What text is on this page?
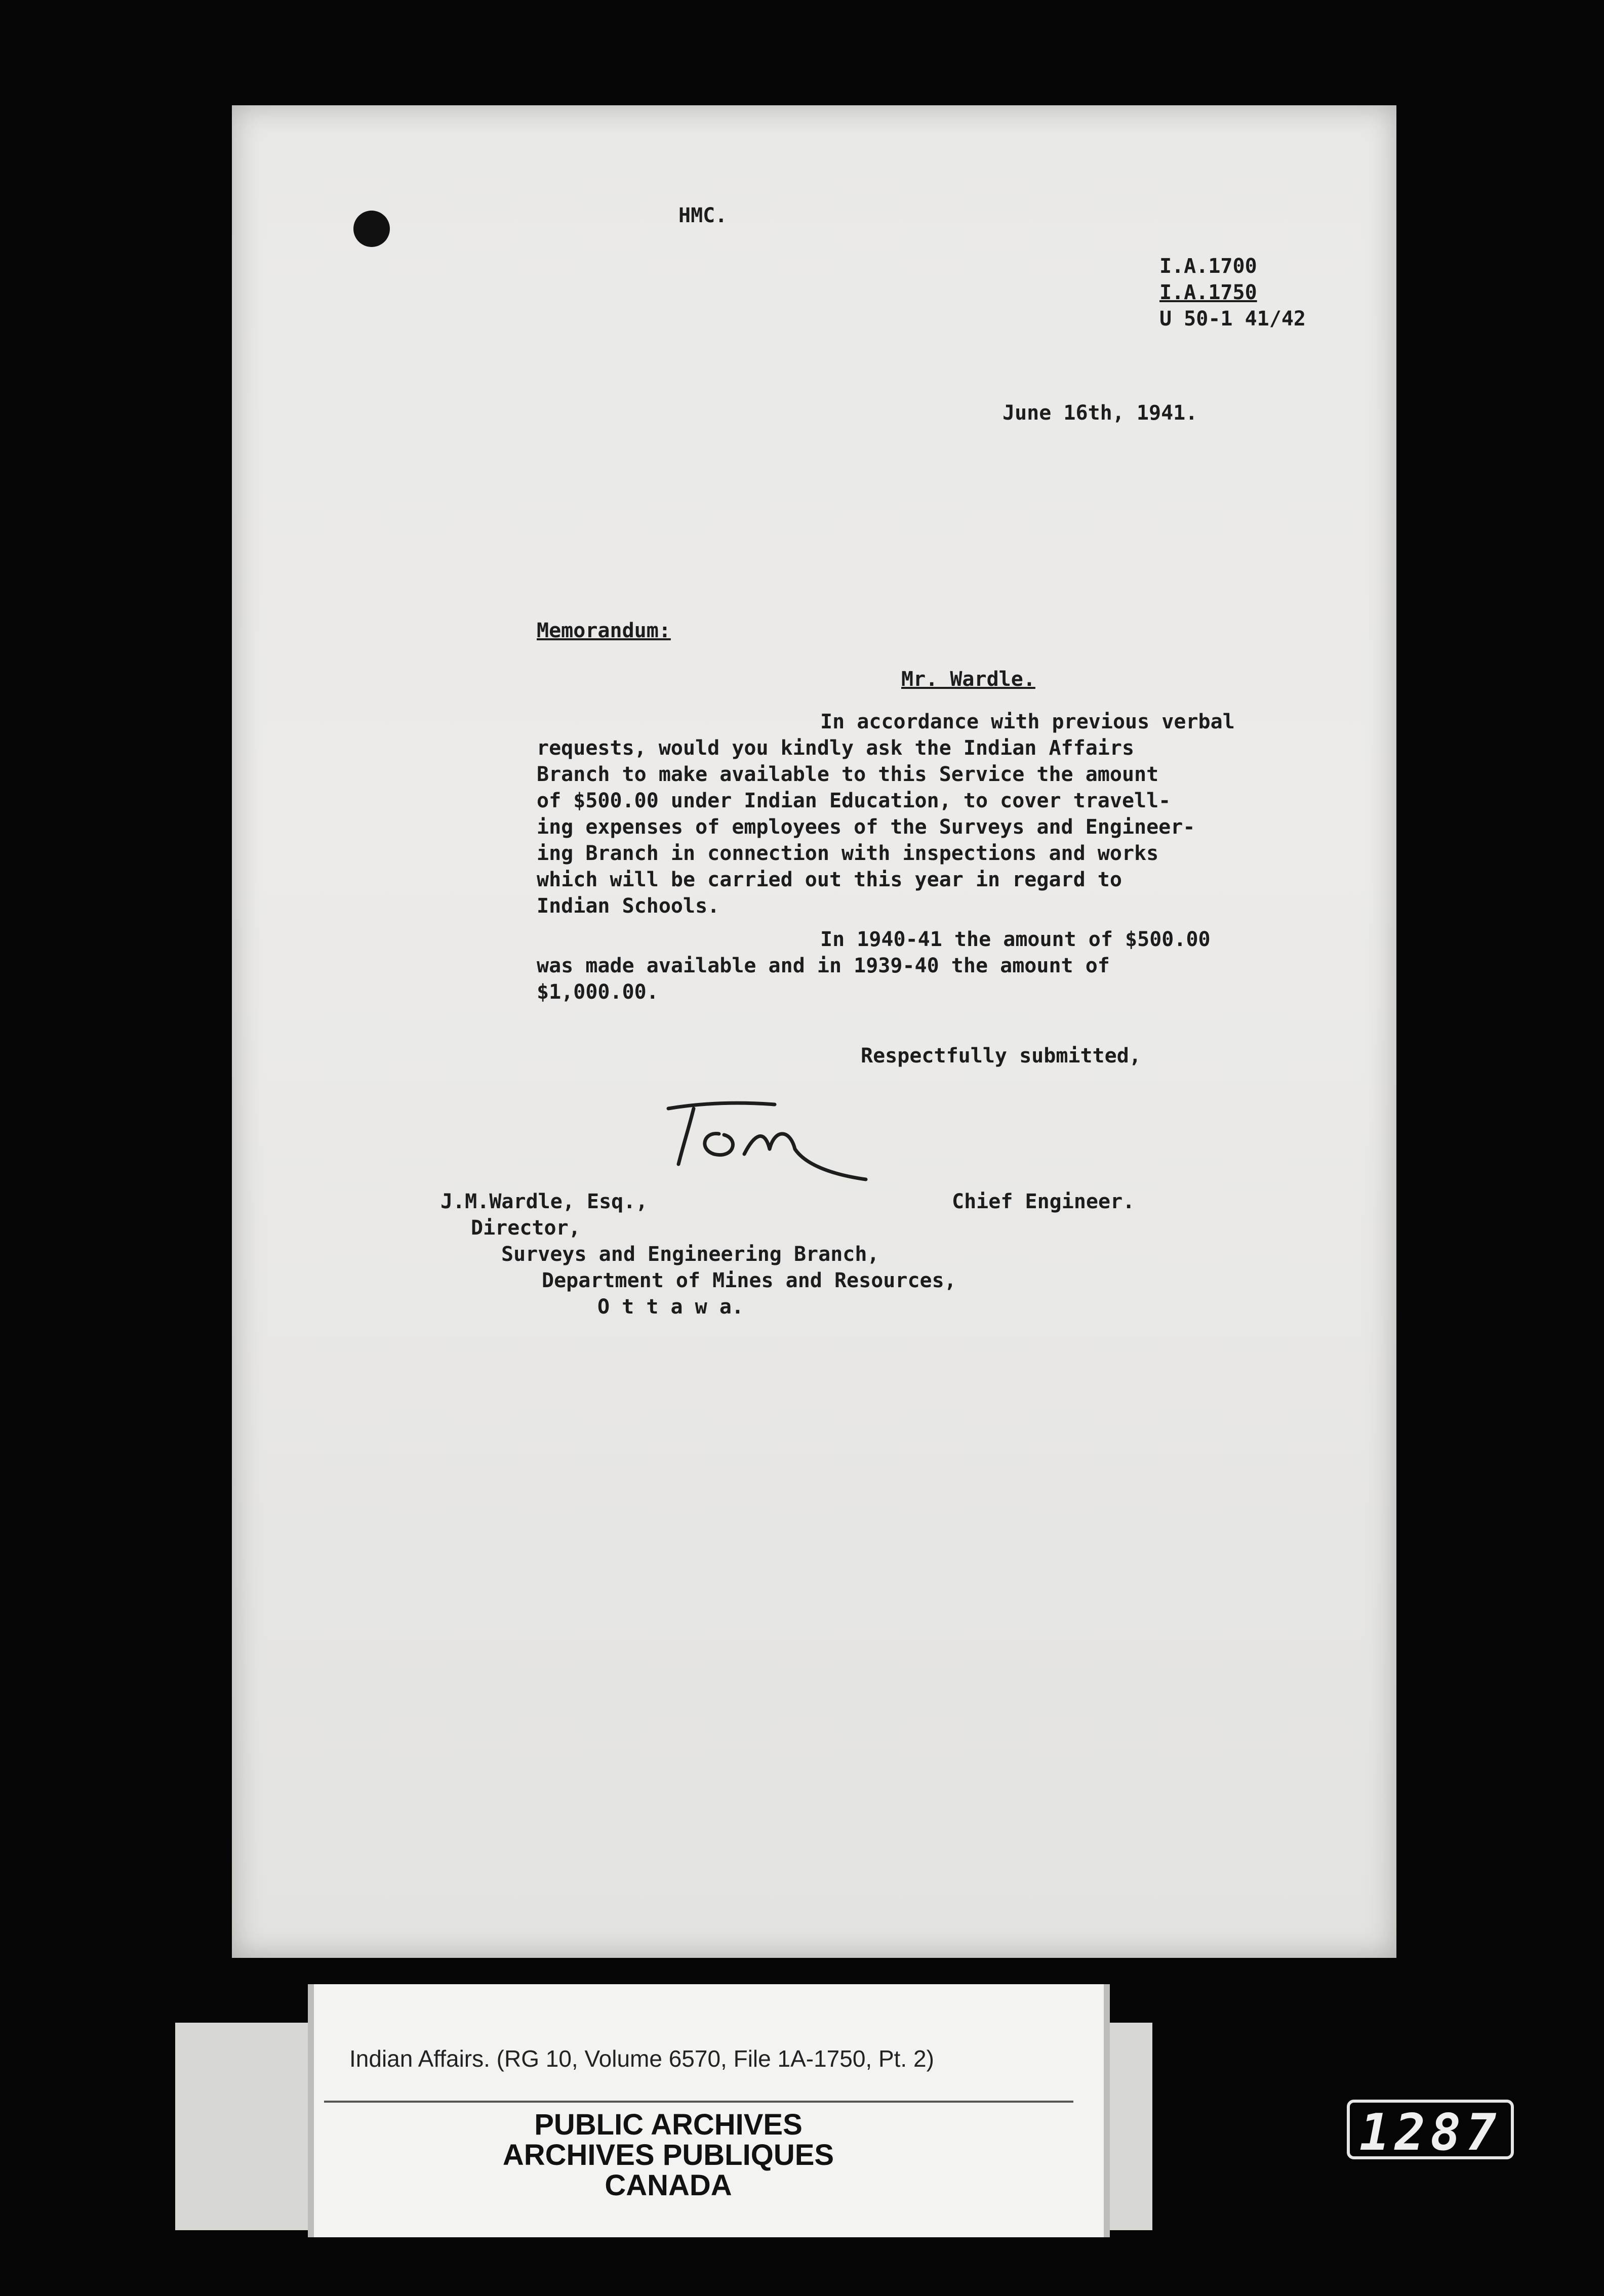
HMC.
I.A.1700
I.A.1750
U 50-1 41/42
June 16th, 1941.
Memorandum:
Mr. Wardle.
In accordance with previous verbal
requests, would you kindly ask the Indian Affairs
Branch to make available to this Service the amount
of $500.00 under Indian Education, to cover travell-
ing expenses of employees of the Surveys and Engineer-
ing Branch in connection with inspections and works
which will be carried out this year in regard to
Indian Schools.
In 1940-41 the amount of $500.00
was made available and in 1939-40 the amount of
$1,000.00.
Respectfully submitted,
Chief Engineer.
J.M.Wardle, Esq.,
Director,
Surveys and Engineering Branch,
Department of Mines and Resources,
O t t a w a.
Indian Affairs. (RG 10, Volume 6570, File 1A-1750, Pt. 2)
PUBLIC ARCHIVES
ARCHIVES PUBLIQUES
CANADA
1287
